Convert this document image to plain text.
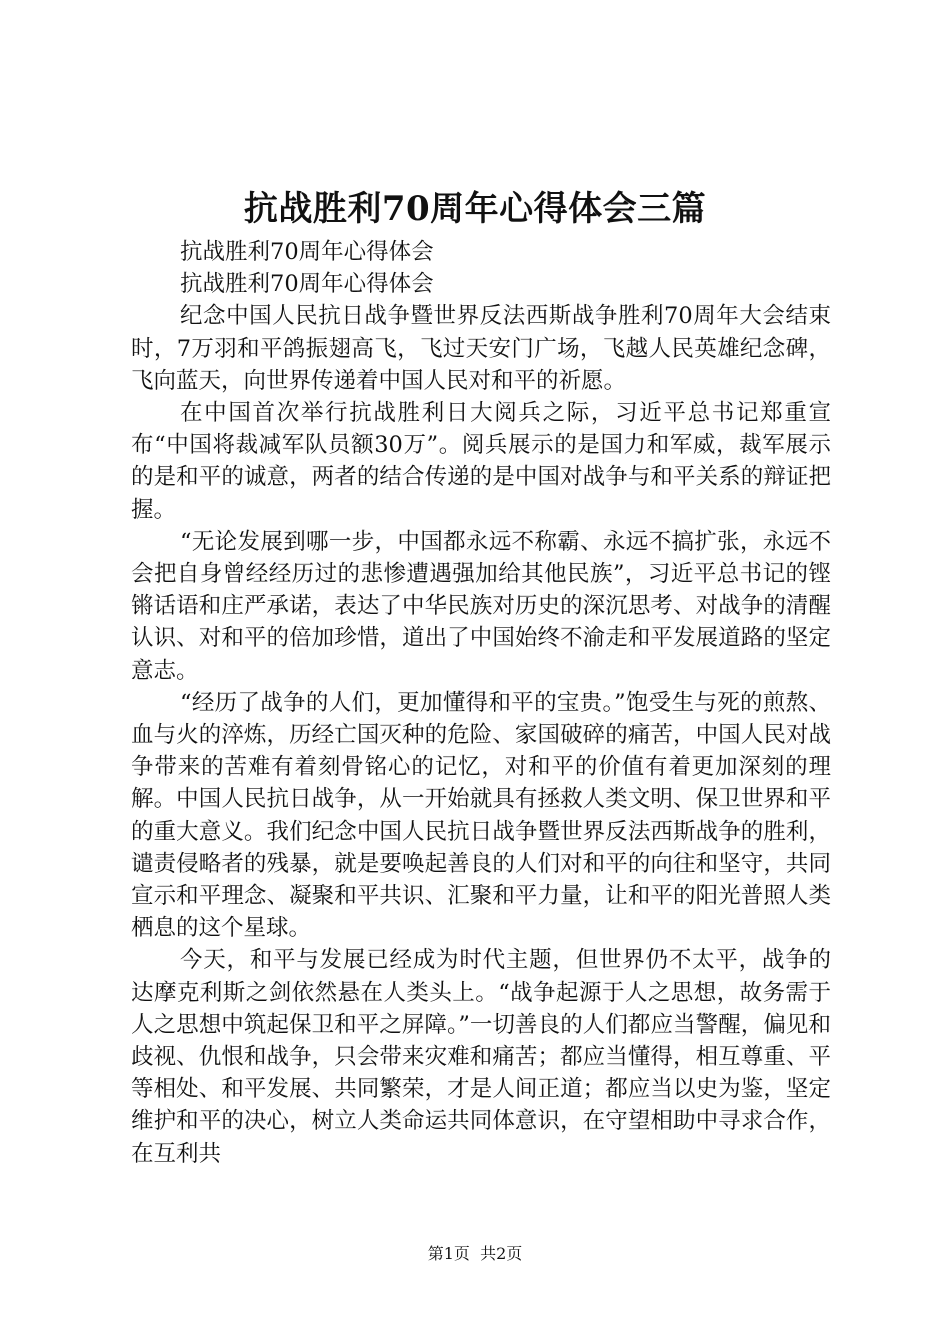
抗战胜利70周年心得体会三篇

抗战胜利70周年心得体会

抗战胜利70周年心得体会

纪念中国人民抗日战争暨世界反法西斯战争胜利70周年大会结束时，7万羽和平鸽振翅高飞，飞过天安门广场，飞越人民英雄纪念碑，飞向蓝天，向世界传递着中国人民对和平的祈愿。

在中国首次举行抗战胜利日大阅兵之际，习近平总书记郑重宣布“中国将裁减军队员额30万”。阅兵展示的是国力和军威，裁军展示的是和平的诚意，两者的结合传递的是中国对战争与和平关系的辩证把握。

“无论发展到哪一步，中国都永远不称霸、永远不搞扩张，永远不会把自身曾经经历过的悲惨遭遇强加给其他民族”，习近平总书记的铿锵话语和庄严承诺，表达了中华民族对历史的深沉思考、对战争的清醒认识、对和平的倍加珍惜，道出了中国始终不渝走和平发展道路的坚定意志。

“经历了战争的人们，更加懂得和平的宝贵。”饱受生与死的煎熬、血与火的淬炼，历经亡国灭种的危险、家国破碎的痛苦，中国人民对战争带来的苦难有着刻骨铭心的记忆，对和平的价值有着更加深刻的理解。中国人民抗日战争，从一开始就具有拯救人类文明、保卫世界和平的重大意义。我们纪念中国人民抗日战争暨世界反法西斯战争的胜利，谴责侵略者的残暴，就是要唤起善良的人们对和平的向往和坚守，共同宣示和平理念、凝聚和平共识、汇聚和平力量，让和平的阳光普照人类栖息的这个星球。

今天，和平与发展已经成为时代主题，但世界仍不太平，战争的达摩克利斯之剑依然悬在人类头上。“战争起源于人之思想，故务需于人之思想中筑起保卫和平之屏障。”一切善良的人们都应当警醒，偏见和歧视、仇恨和战争，只会带来灾难和痛苦；都应当懂得，相互尊重、平等相处、和平发展、共同繁荣，才是人间正道；都应当以史为鉴，坚定维护和平的决心，树立人类命运共同体意识，在守望相助中寻求合作，在互利共

第1页  共2页
